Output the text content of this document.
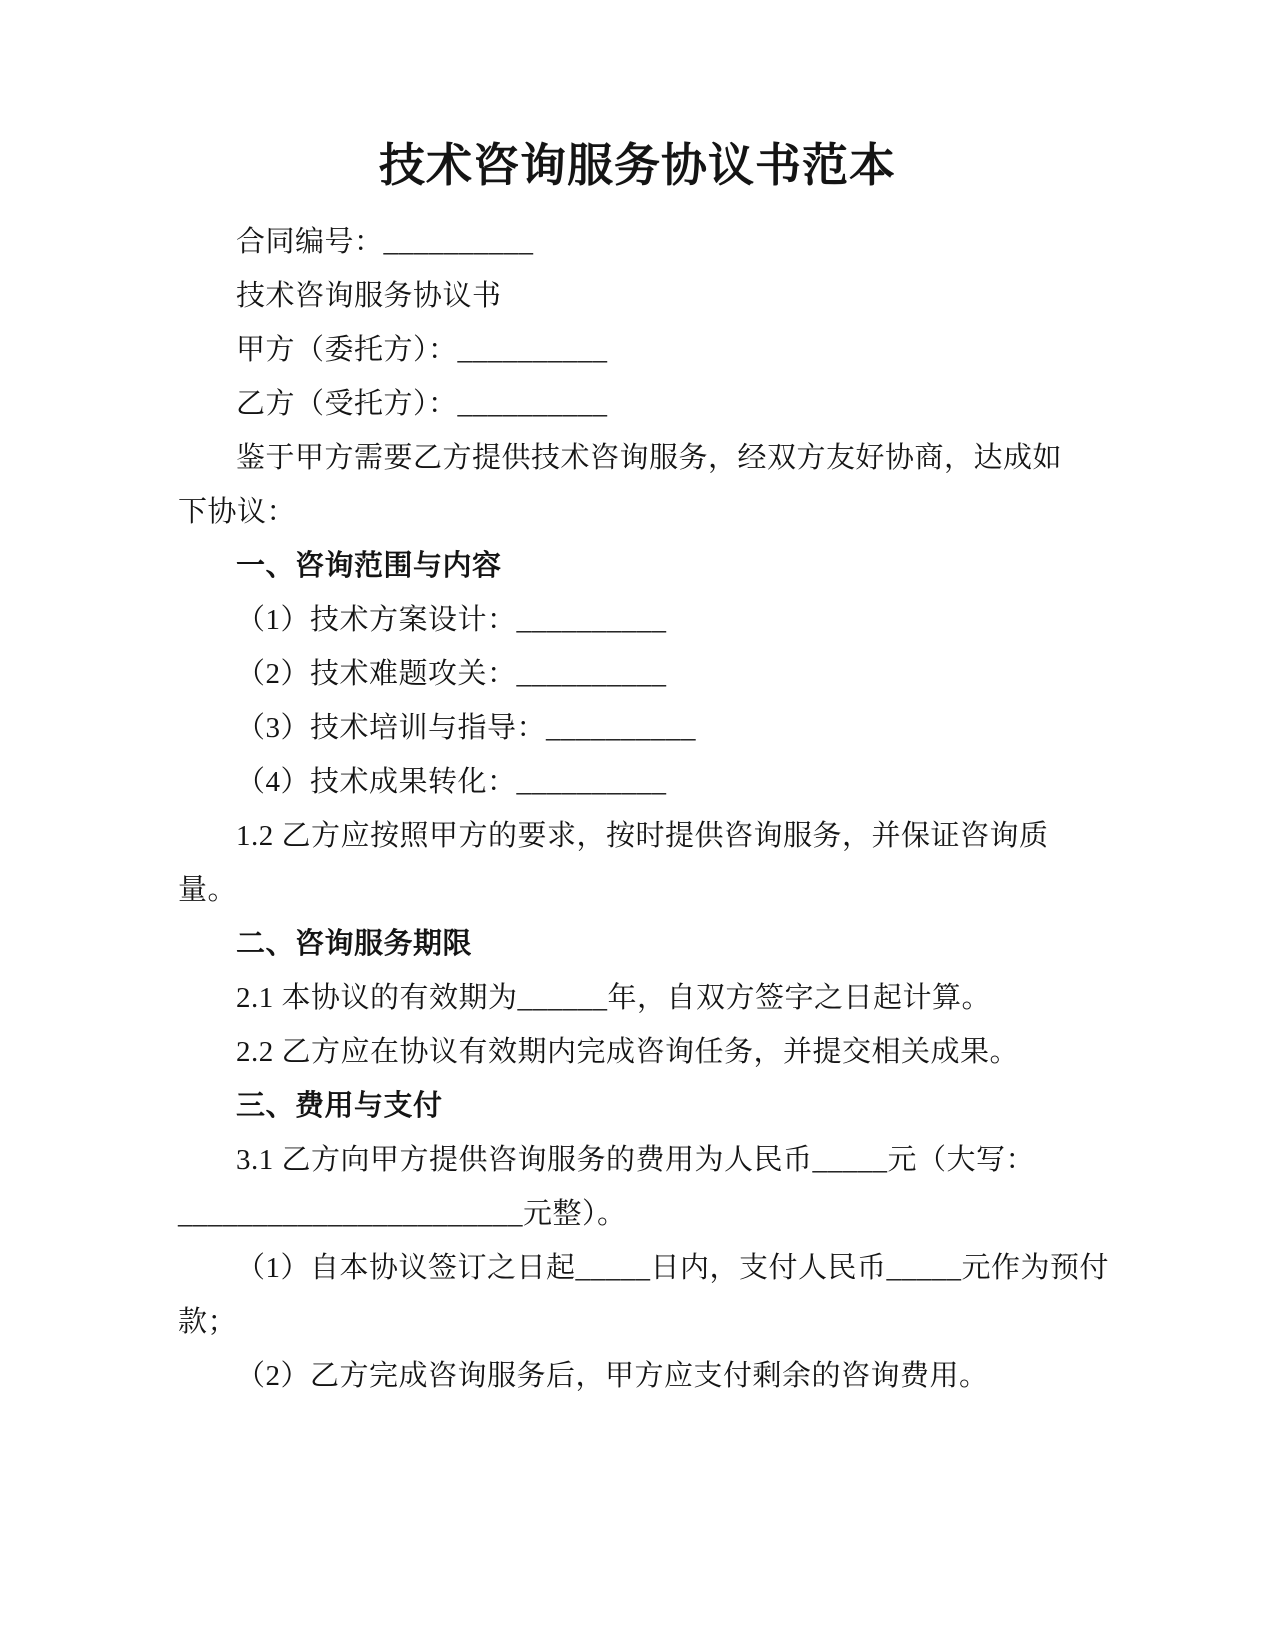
技术咨询服务协议书范本

合同编号：__________

技术咨询服务协议书

甲方（委托方）：__________

乙方（受托方）：__________

鉴于甲方需要乙方提供技术咨询服务，经双方友好协商，达成如

下协议：

一、咨询范围与内容

（1）技术方案设计：__________

（2）技术难题攻关：__________

（3）技术培训与指导：__________

（4）技术成果转化：__________

1.2 乙方应按照甲方的要求，按时提供咨询服务，并保证咨询质

量。

二、咨询服务期限

2.1 本协议的有效期为______年，自双方签字之日起计算。

2.2 乙方应在协议有效期内完成咨询任务，并提交相关成果。

三、费用与支付

3.1 乙方向甲方提供咨询服务的费用为人民币_____元（大写：

_______________________元整）。

（1）自本协议签订之日起_____日内，支付人民币_____元作为预付

款；

（2）乙方完成咨询服务后，甲方应支付剩余的咨询费用。
